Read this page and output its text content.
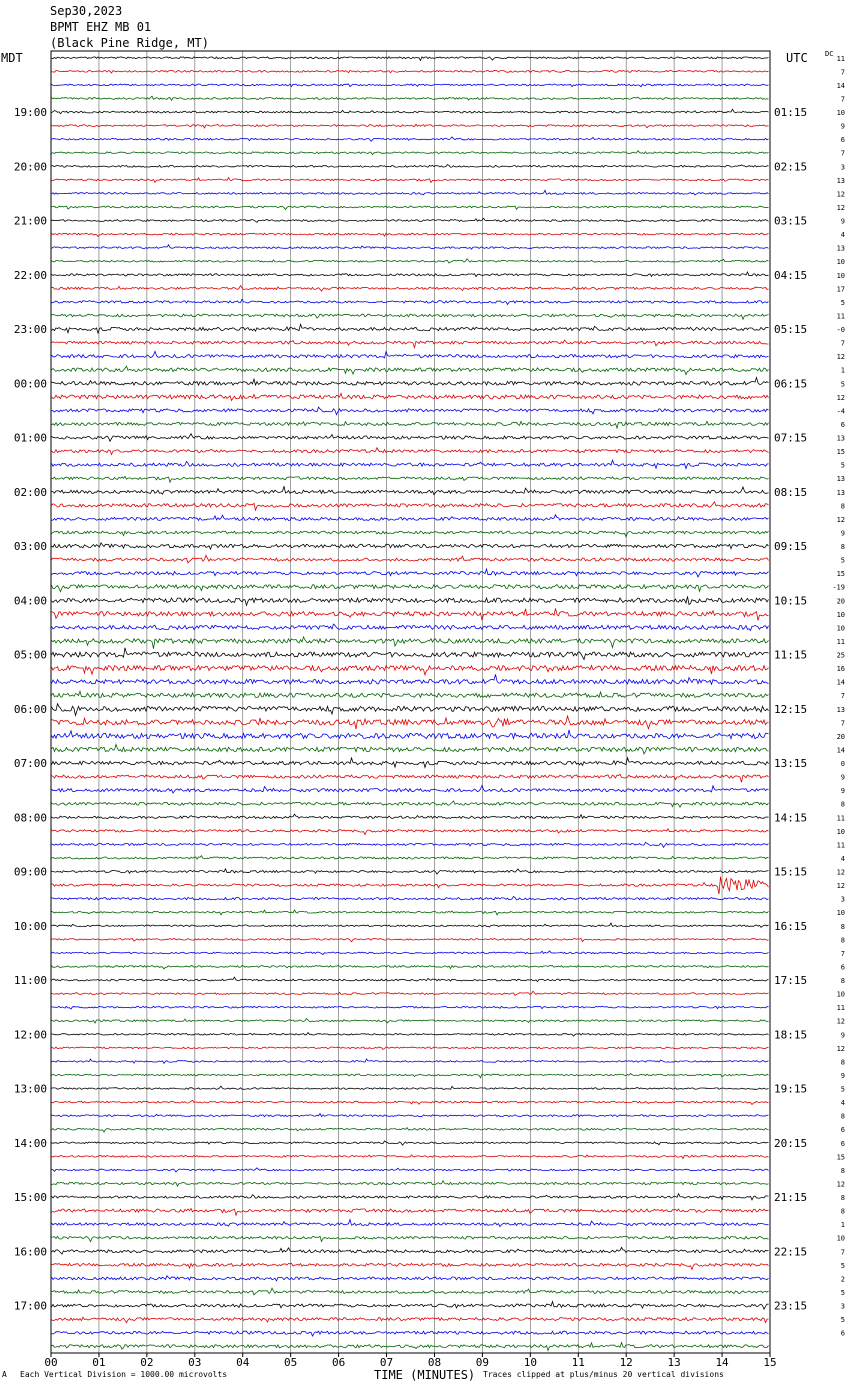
Sep30,2023
BPMT EHZ MB 01
(Black Pine Ridge, MT)
MDT	UTC
00	01	02	03	04	05	06	07	08	09	10	11	12	13	14	15
19:00
20:00
21:00
22:00
23:00
00:00
01:00
02:00
03:00
04:00
05:00
06:00
07:00
08:00
09:00
10:00
11:00
12:00
13:00
14:00
15:00
16:00
17:00
01:15
02:15
03:15
04:15
05:15
06:15
07:15
08:15
09:15
10:15
11:15
12:15
13:15
14:15
15:15
16:15
17:15
18:15
19:15
20:15
21:15
22:15
23:15
11
7
14
7
10
9
6
7
3
13
12
12
9
4
13
10
10
17
5
11
-0
7
12
1
5
12
-4
6
13
15
5
13
13
8
12
9
8
5
15
-19
20
10
10
11
25
16
14
7
13
7
20
14
0
9
9
8
11
10
11
4
12
12
3
10
8
8
7
6
8
10
11
12
9
12
8
9
5
4
8
6
6
15
8
12
8
8
1
10
7
5
2
5
3
5
6
DC
TIME (MINUTES)
A Each Vertical Division = 1000.00 microvolts	Traces clipped at plus/minus 20 vertical divisions
